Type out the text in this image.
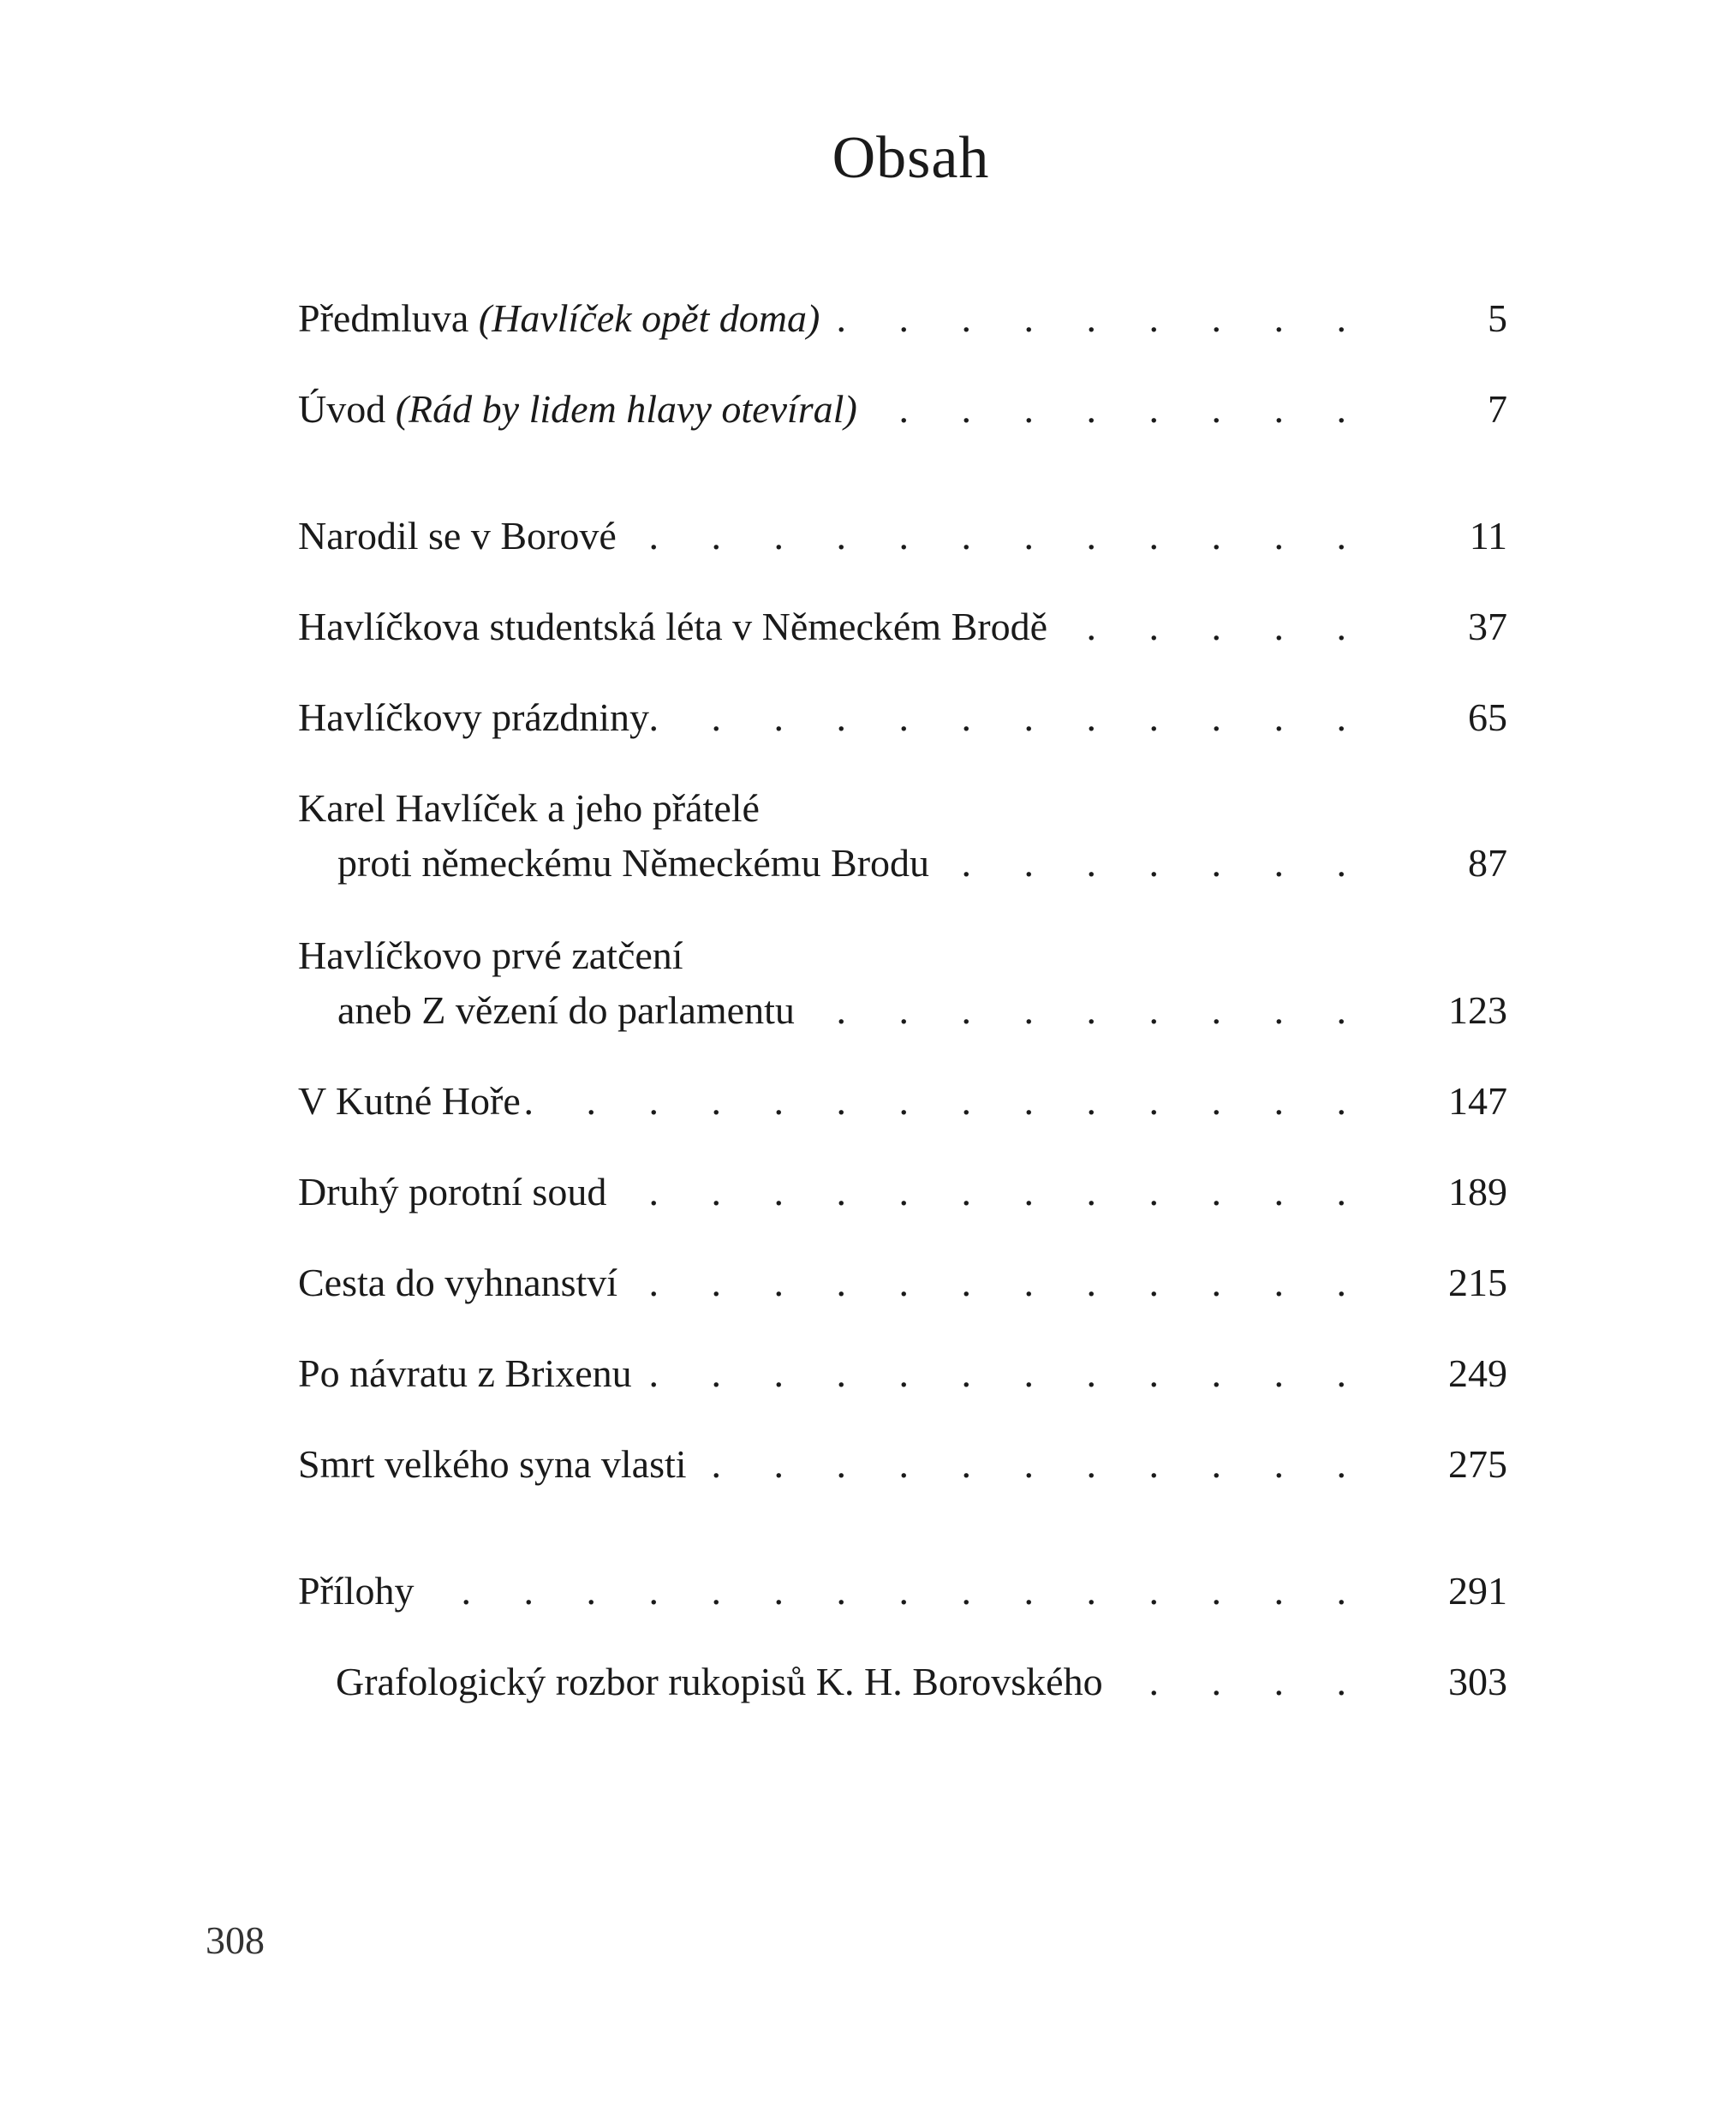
Obsah
Předmluva (Havlíček opět doma) . . .	5
Úvod (Rád by lidem hlavy otevíral) . . .	7
Narodil se v Borové . . .	11
Havlíčkova studentská léta v Německém Brodě . . .	37
Havlíčkovy prázdniny . . .	65
Karel Havlíček a jeho přátelé
proti německému Německému Brodu . . .	87
Havlíčkovo prvé zatčení
aneb Z vězení do parlamentu . . .	123
V Kutné Hoře . . .	147
Druhý porotní soud . . .	189
Cesta do vyhnanství . . .	215
Po návratu z Brixenu . . .	249
Smrt velkého syna vlasti . . .	275
Přílohy . . .	291
Grafologický rozbor rukopisů K. H. Borovského . . .	303
308
